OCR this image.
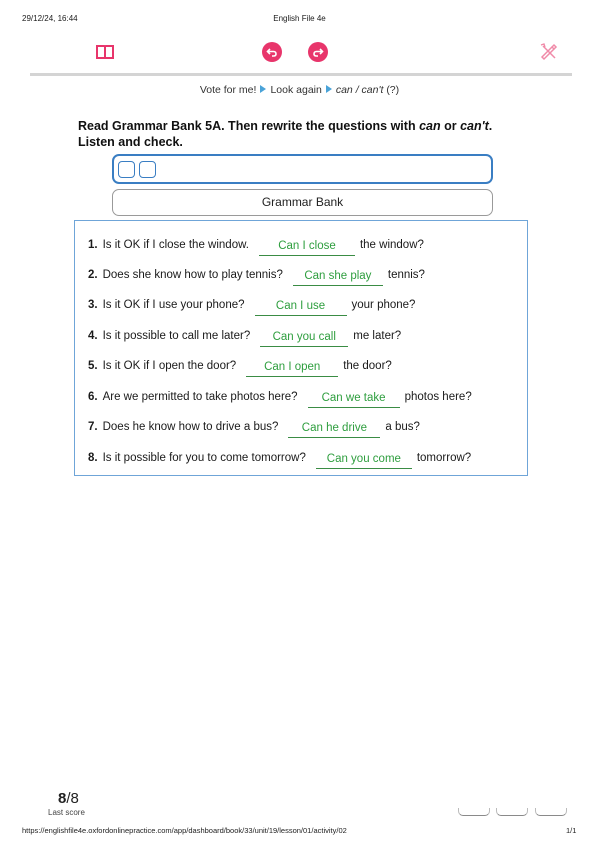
29/12/24, 16:44	English File 4e
Vote for me! Look again can / can't (?)
Read Grammar Bank 5A. Then rewrite the questions with can or can't. Listen and check.
Grammar Bank
1. Is it OK if I close the window.	Can I close	the window?
2. Does she know how to play tennis?	Can she play	tennis?
3. Is it OK if I use your phone?	Can I use	your phone?
4. Is it possible to call me later?	Can you call	me later?
5. Is it OK if I open the door?	Can I open	the door?
6. Are we permitted to take photos here?	Can we take	photos here?
7. Does he know how to drive a bus?	Can he drive	a bus?
8. Is it possible for you to come tomorrow?	Can you come	tomorrow?
8/8
Last score
https://englishfile4e.oxfordonlinepractice.com/app/dashboard/book/33/unit/19/lesson/01/activity/02	1/1
